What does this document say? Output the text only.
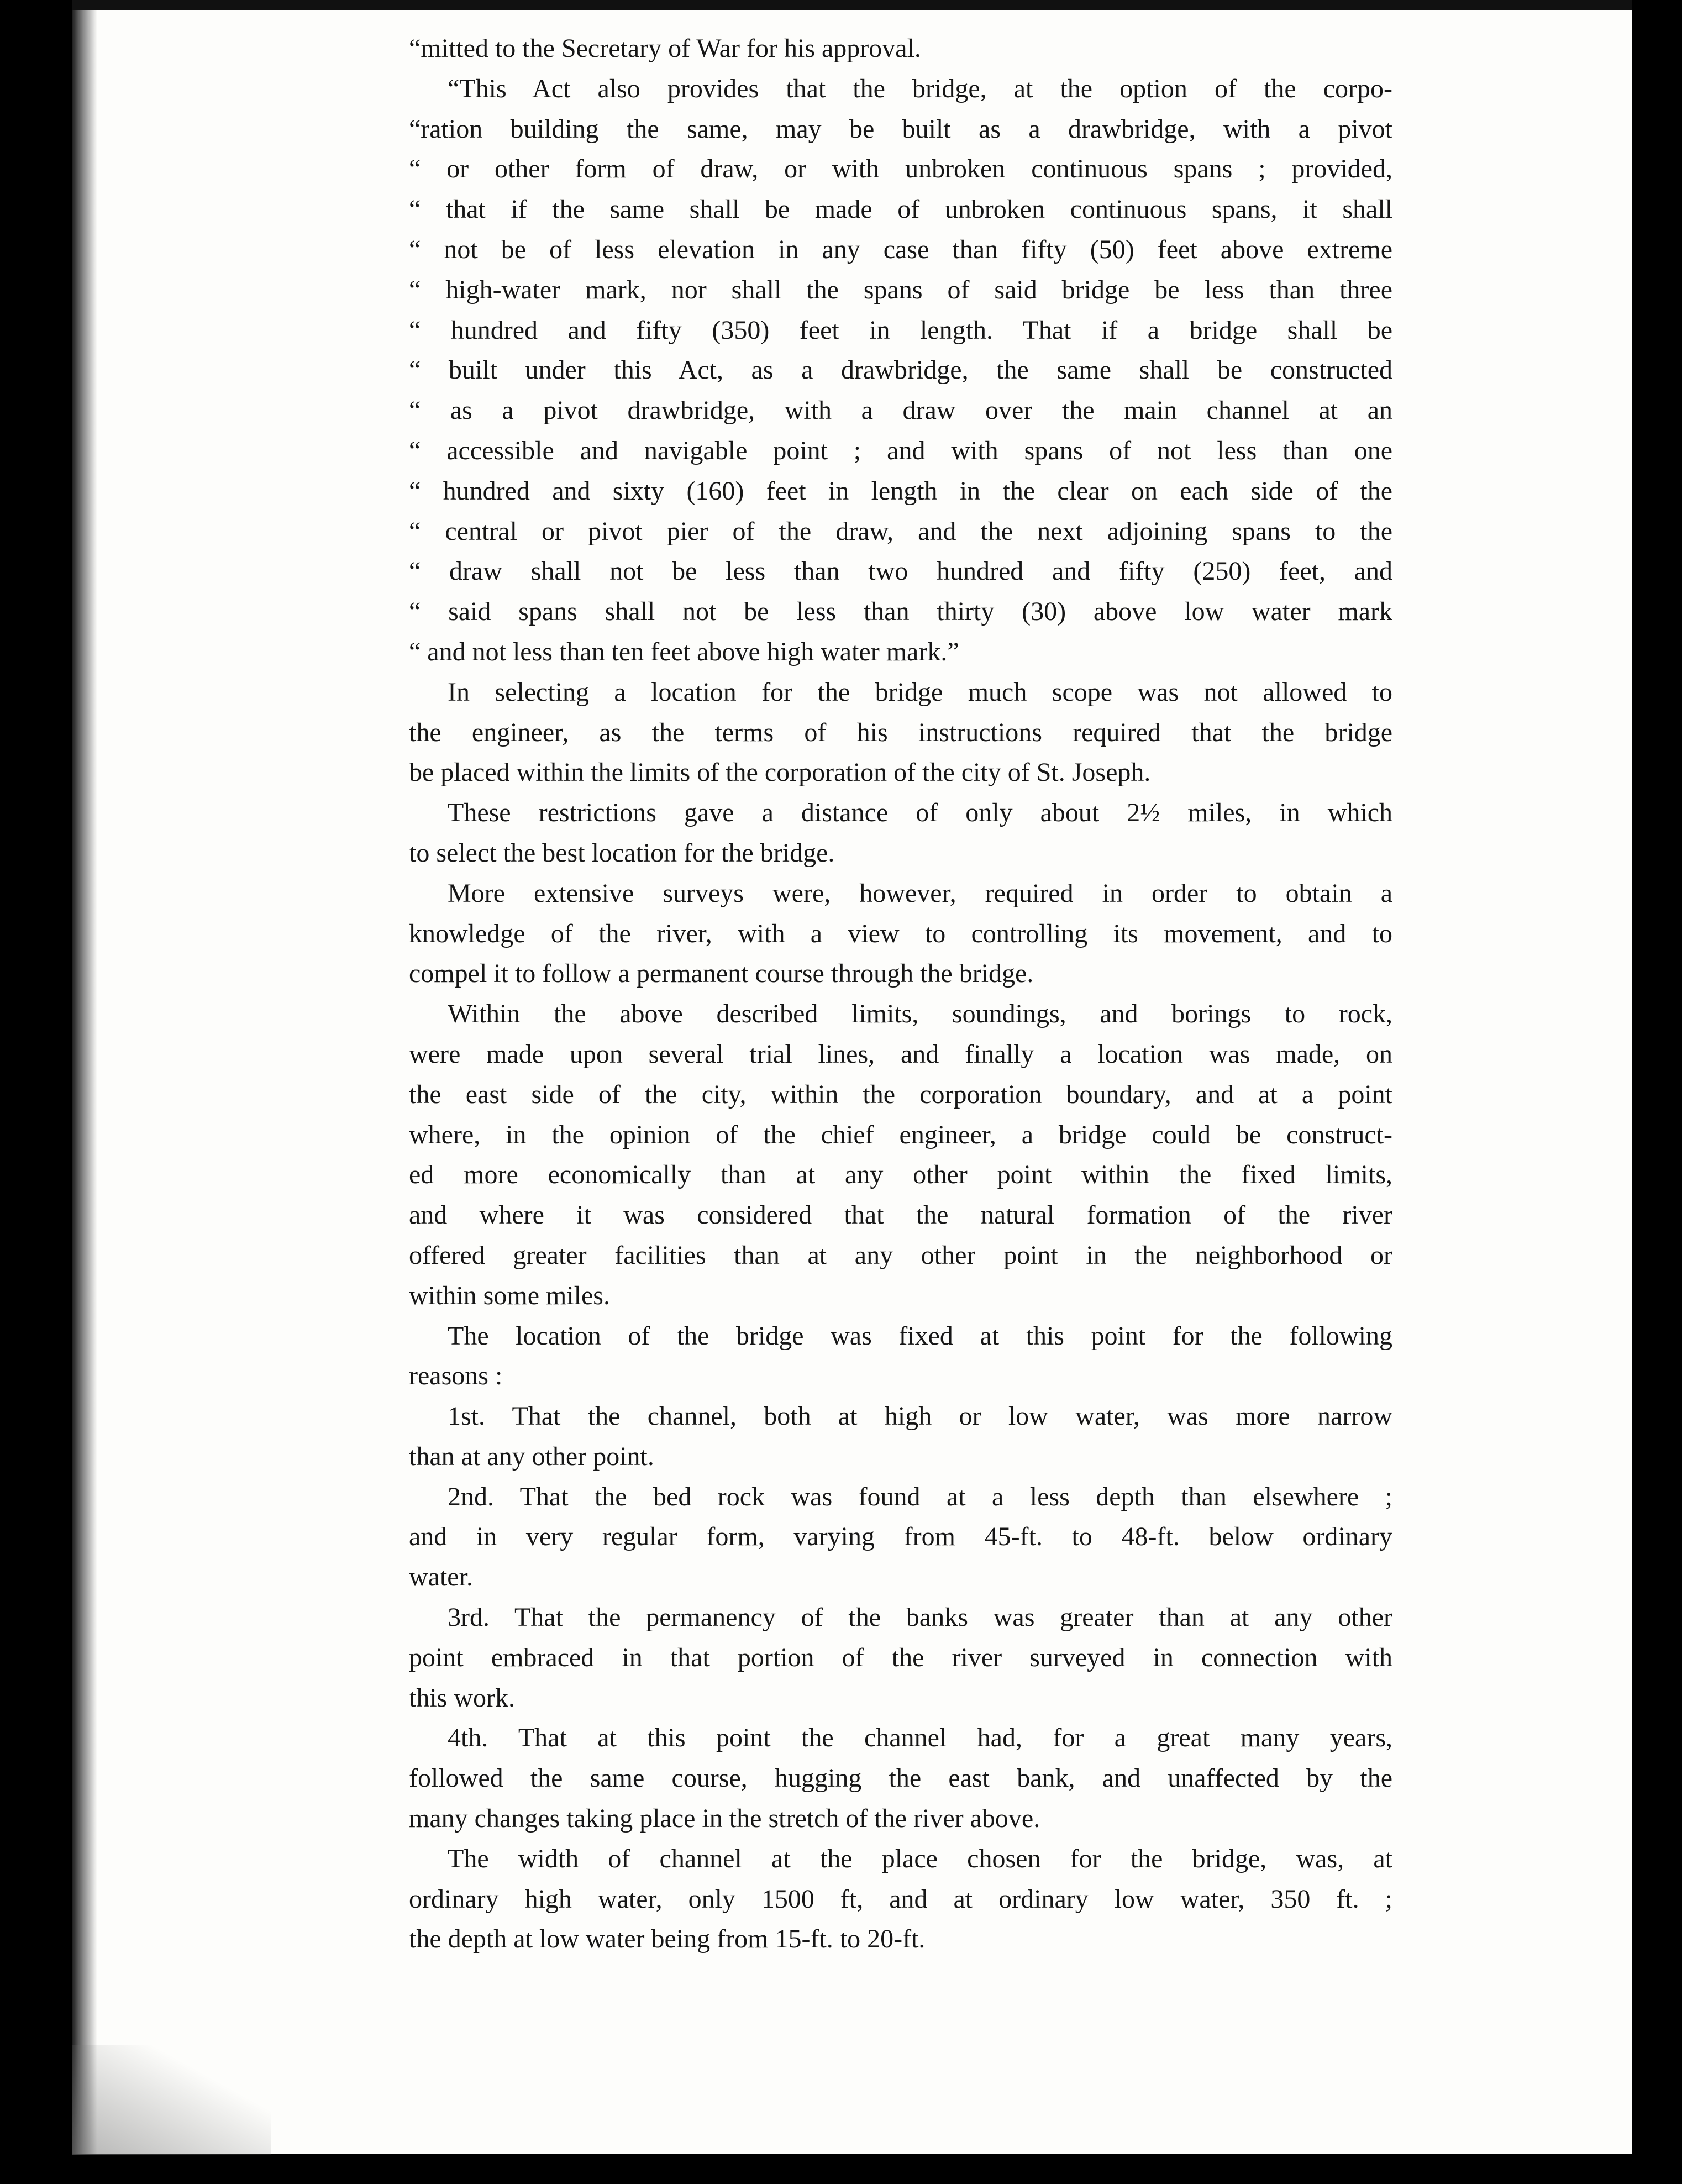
“mitted to the Secretary of War for his approval.
“This Act also provides that the bridge, at the option of the corpo-
“ration building the same, may be built as a drawbridge, with a pivot
“ or other form of draw, or with unbroken continuous spans ; provided,
“ that if the same shall be made of unbroken continuous spans, it shall
“ not be of less elevation in any case than fifty (50) feet above extreme
“ high-water mark, nor shall the spans of said bridge be less than three
“ hundred and fifty (350) feet in length. That if a bridge shall be
“ built under this Act, as a drawbridge, the same shall be constructed
“ as a pivot drawbridge, with a draw over the main channel at an
“ accessible and navigable point ; and with spans of not less than one
“ hundred and sixty (160) feet in length in the clear on each side of the
“ central or pivot pier of the draw, and the next adjoining spans to the
“ draw shall not be less than two hundred and fifty (250) feet, and
“ said spans shall not be less than thirty (30) above low water mark
“ and not less than ten feet above high water mark.”
In selecting a location for the bridge much scope was not allowed to
the engineer, as the terms of his instructions required that the bridge
be placed within the limits of the corporation of the city of St. Joseph.
These restrictions gave a distance of only about 2½ miles, in which
to select the best location for the bridge.
More extensive surveys were, however, required in order to obtain a
knowledge of the river, with a view to controlling its movement, and to
compel it to follow a permanent course through the bridge.
Within the above described limits, soundings, and borings to rock,
were made upon several trial lines, and finally a location was made, on
the east side of the city, within the corporation boundary, and at a point
where, in the opinion of the chief engineer, a bridge could be construct-
ed more economically than at any other point within the fixed limits,
and where it was considered that the natural formation of the river
offered greater facilities than at any other point in the neighborhood or
within some miles.
The location of the bridge was fixed at this point for the following
reasons :
1st. That the channel, both at high or low water, was more narrow
than at any other point.
2nd. That the bed rock was found at a less depth than elsewhere ;
and in very regular form, varying from 45-ft. to 48-ft. below ordinary
water.
3rd. That the permanency of the banks was greater than at any other
point embraced in that portion of the river surveyed in connection with
this work.
4th. That at this point the channel had, for a great many years,
followed the same course, hugging the east bank, and unaffected by the
many changes taking place in the stretch of the river above.
The width of channel at the place chosen for the bridge, was, at
ordinary high water, only 1500 ft, and at ordinary low water, 350 ft. ;
the depth at low water being from 15-ft. to 20-ft.
